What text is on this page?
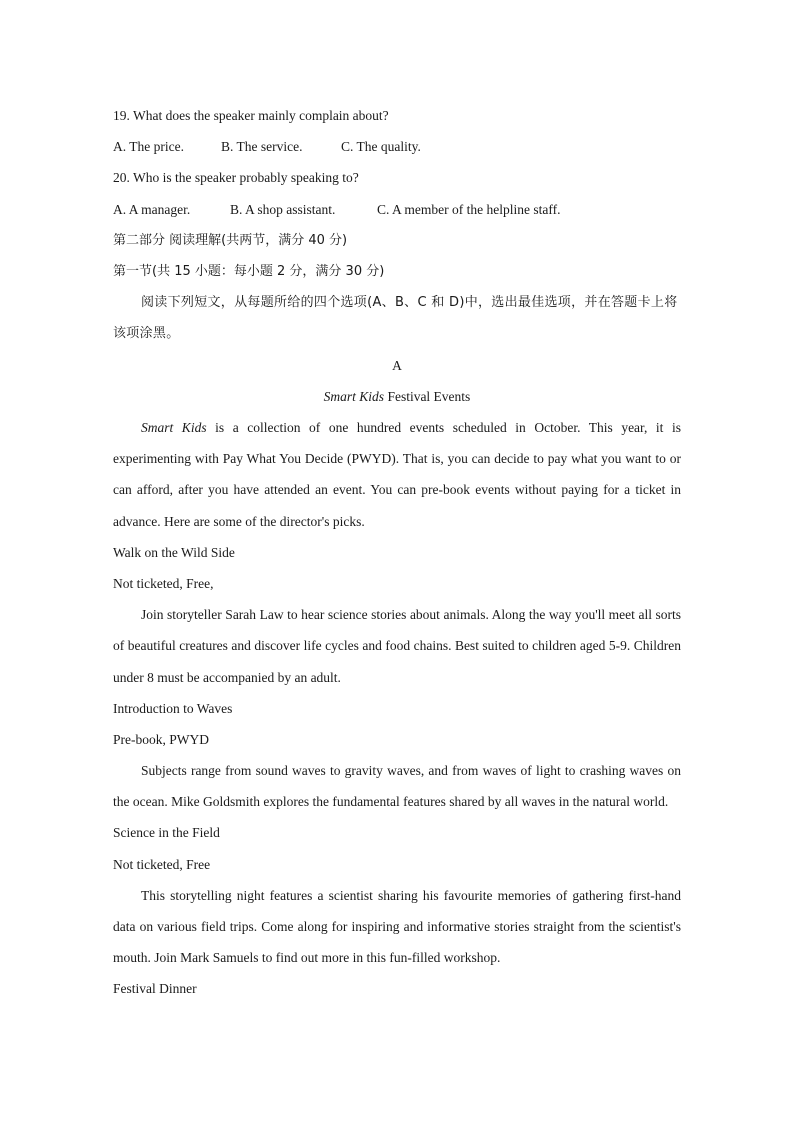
19. What does the speaker mainly complain about?
A. The price.	B. The service.	C. The quality.
20. Who is the speaker probably speaking to?
A. A manager.	B. A shop assistant.	C. A member of the helpline staff.
第二部分 阅读理解(共两节，满分 40 分)
第一节(共 15 小题：每小题 2 分，满分 30 分)

阅读下列短文，从每题所给的四个选项(A、B、C 和 D)中，选出最佳选项，并在答题卡上将该项涂黑。

A
Smart Kids Festival Events

Smart Kids is a collection of one hundred events scheduled in October. This year, it is experimenting with Pay What You Decide (PWYD). That is, you can decide to pay what you want to or can afford, after you have attended an event. You can pre-book events without paying for a ticket in advance. Here are some of the director's picks.

Walk on the Wild Side
Not ticketed, Free,

Join storyteller Sarah Law to hear science stories about animals. Along the way you'll meet all sorts of beautiful creatures and discover life cycles and food chains. Best suited to children aged 5-9. Children under 8 must be accompanied by an adult.

Introduction to Waves
Pre-book, PWYD

Subjects range from sound waves to gravity waves, and from waves of light to crashing waves on the ocean. Mike Goldsmith explores the fundamental features shared by all waves in the natural world.

Science in the Field
Not ticketed, Free

This storytelling night features a scientist sharing his favourite memories of gathering first-hand data on various field trips. Come along for inspiring and informative stories straight from the scientist's mouth. Join Mark Samuels to find out more in this fun-filled workshop.

Festival Dinner
